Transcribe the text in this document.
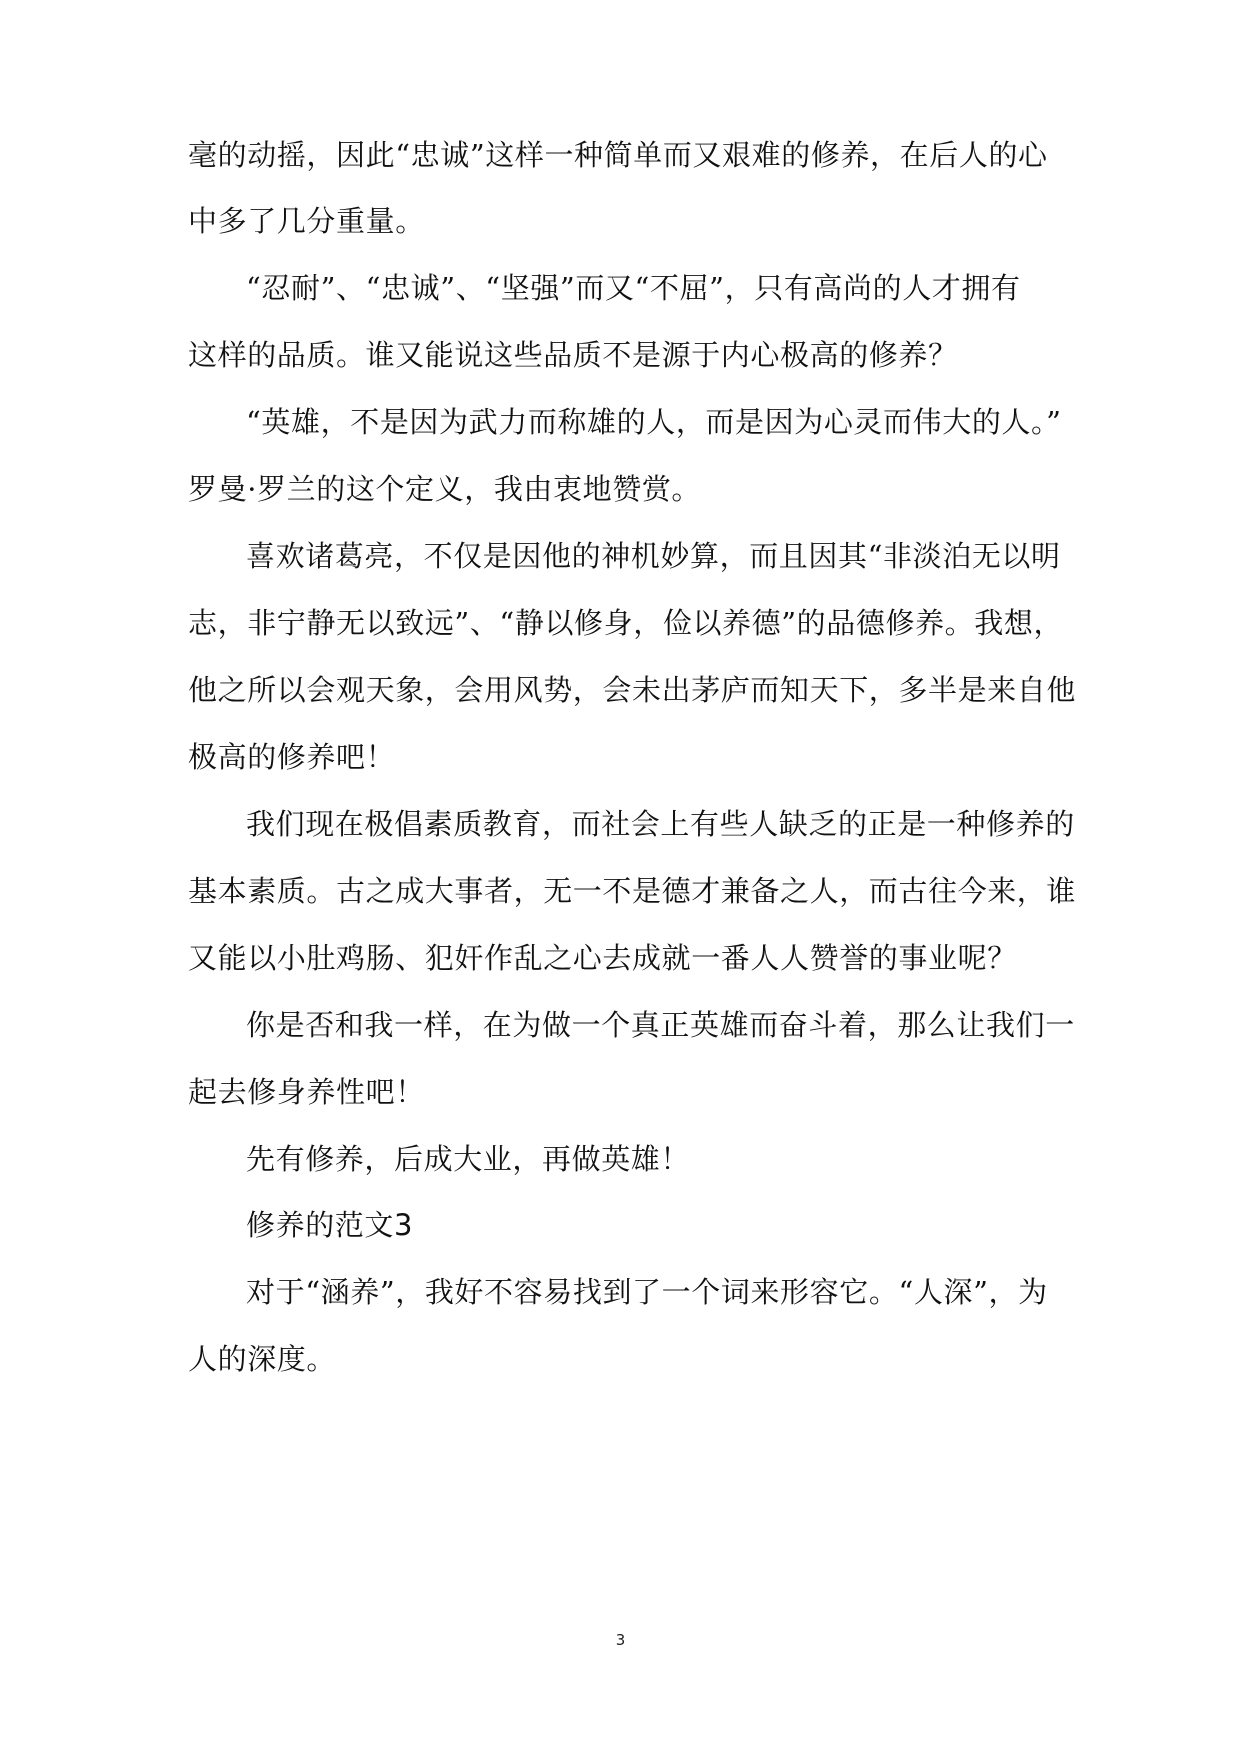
毫的动摇，因此“忠诚”这样一种简单而又艰难的修养，在后人的心
中多了几分重量。
“忍耐”、“忠诚”、“坚强”而又“不屈”，只有高尚的人才拥有
这样的品质。谁又能说这些品质不是源于内心极高的修养？
“英雄，不是因为武力而称雄的人，而是因为心灵而伟大的人。”
罗曼·罗兰的这个定义，我由衷地赞赏。
喜欢诸葛亮，不仅是因他的神机妙算，而且因其“非淡泊无以明
志，非宁静无以致远”、“静以修身，俭以养德”的品德修养。我想，
他之所以会观天象，会用风势，会未出茅庐而知天下，多半是来自他
极高的修养吧！
我们现在极倡素质教育，而社会上有些人缺乏的正是一种修养的
基本素质。古之成大事者，无一不是德才兼备之人，而古往今来，谁
又能以小肚鸡肠、犯奸作乱之心去成就一番人人赞誉的事业呢？
你是否和我一样，在为做一个真正英雄而奋斗着，那么让我们一
起去修身养性吧！
先有修养，后成大业，再做英雄！
修养的范文3
对于“涵养”，我好不容易找到了一个词来形容它。“人深”，为
人的深度。
3
